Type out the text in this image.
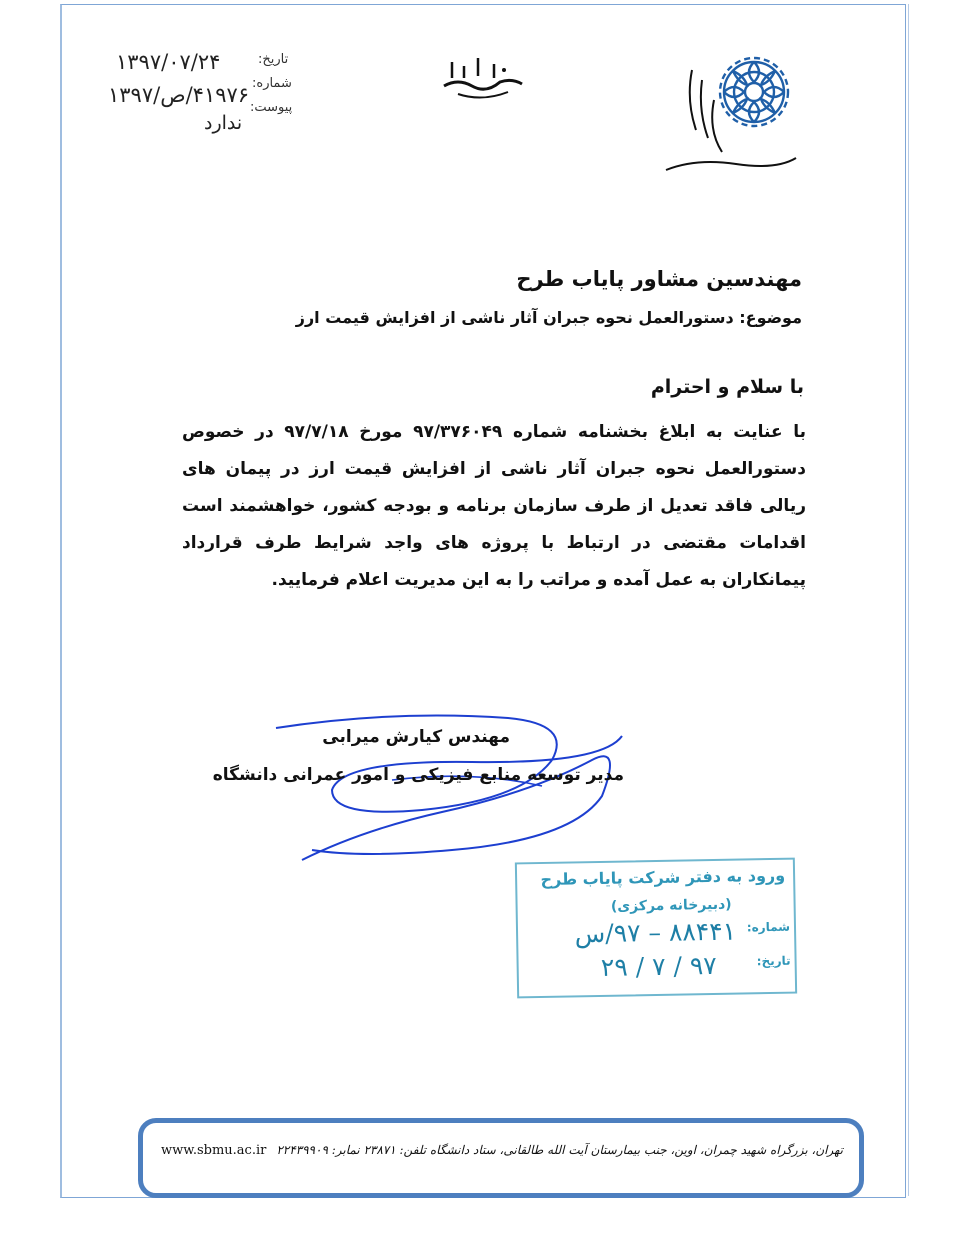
تاریخ:
۱۳۹۷/۰۷/۲۴
شماره:
۴۱۹۷۶/ص/۱۳۹۷
پیوست:
ندارد
مهندسین مشاور پایاب طرح
موضوع: دستورالعمل نحوه جبران آثار ناشی از افزایش قیمت ارز
با سلام و احترام
با عنایت به ابلاغ بخشنامه شماره ۹۷/۳۷۶۰۴۹ مورخ ۹۷/۷/۱۸ در خصوص دستورالعمل نحوه جبران آثار ناشی از افزایش قیمت ارز در پیمان های ریالی فاقد تعدیل از طرف سازمان برنامه و بودجه کشور، خواهشمند است اقدامات مقتضی در ارتباط با پروژه های واجد شرایط طرف قرارداد پیمانکاران به عمل آمده و مراتب را به این مدیریت اعلام فرمایید.
مهندس کیارش میرابی
مدیر توسعه منابع فیزیکی و امور عمرانی دانشگاه
ورود به دفتر شرکت پایاب طرح
(دبیرخانه مرکزی)
شماره:
۸۸۴۴۱ – ۹۷/س
تاریخ:
۹۷ / ۷ / ۲۹
تهران، بزرگراه شهید چمران، اوین، جنب بیمارستان آیت الله طالقانی، ستاد دانشگاه تلفن: ۲۳۸۷۱ نمابر: ۲۲۴۳۹۹۰۹
www.sbmu.ac.ir
